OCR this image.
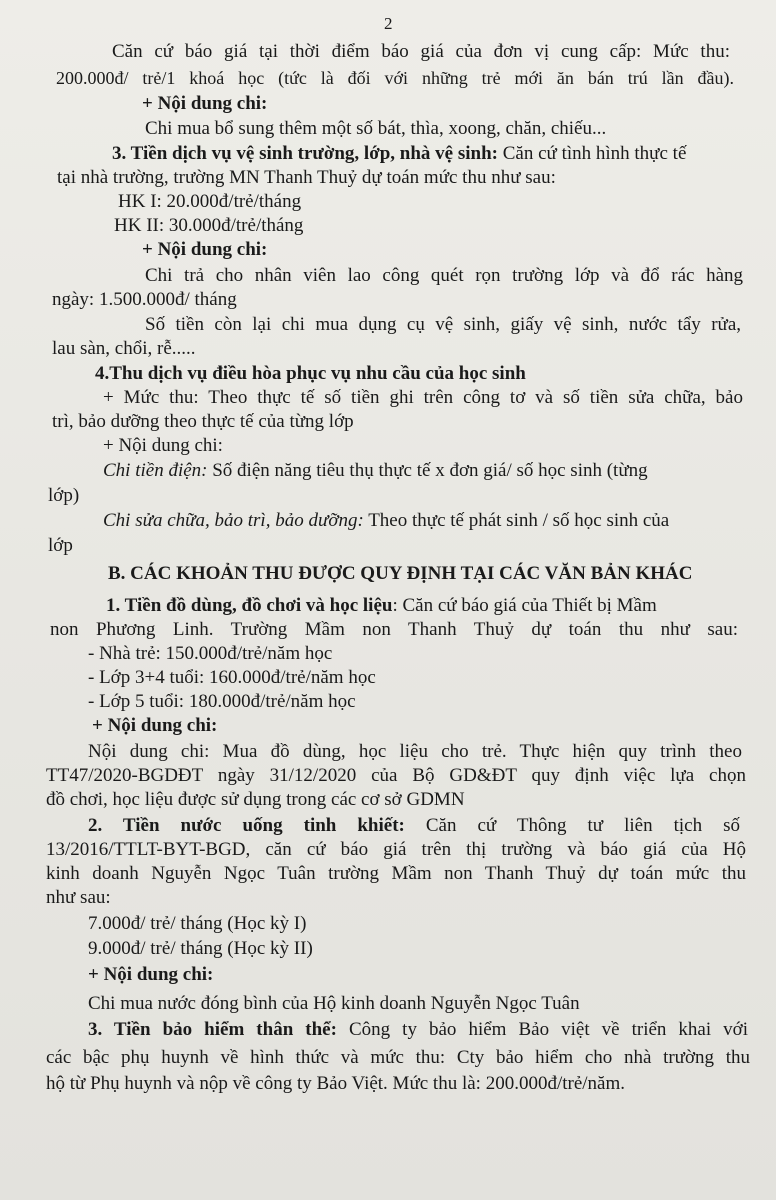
2
Căn cứ báo giá tại thời điểm báo giá của đơn vị cung cấp: Mức thu:
200.000đ/ trẻ/1 khoá học (tức là đối với những trẻ mới ăn bán trú lần đầu).
+ Nội dung chi:
Chi mua bổ sung thêm một số bát, thìa, xoong, chăn, chiếu...
3. Tiền dịch vụ vệ sinh trường, lớp, nhà vệ sinh: Căn cứ tình hình thực tế
tại nhà trường, trường MN Thanh Thuỷ dự toán mức thu như sau:
HK I: 20.000đ/trẻ/tháng
HK II: 30.000đ/trẻ/tháng
+ Nội dung chi:
Chi trả cho nhân viên lao công quét rọn trường lớp và đổ rác hàng
ngày: 1.500.000đ/ tháng
Số tiền còn lại chi mua dụng cụ vệ sinh, giấy vệ sinh, nước tẩy rửa,
lau sàn, chổi, rễ.....
4.Thu dịch vụ điều hòa phục vụ nhu cầu của học sinh
+ Mức thu: Theo thực tế số tiền ghi trên công tơ và số tiền sửa chữa, bảo
trì, bảo dưỡng theo thực tế của từng lớp
+ Nội dung chi:
Chi tiền điện: Số điện năng tiêu thụ thực tế x đơn giá/ số học sinh (từng
lớp)
Chi sửa chữa, bảo trì, bảo dưỡng: Theo thực tế phát sinh / số học sinh của
lớp
B. CÁC KHOẢN THU ĐƯỢC QUY ĐỊNH TẠI CÁC VĂN BẢN KHÁC
1. Tiền đồ dùng, đồ chơi và học liệu: Căn cứ báo giá của Thiết bị Mầm
non Phương Linh. Trường Mầm non Thanh Thuỷ dự toán thu như sau:
- Nhà trẻ: 150.000đ/trẻ/năm học
- Lớp 3+4 tuổi: 160.000đ/trẻ/năm học
- Lớp 5 tuổi: 180.000đ/trẻ/năm học
+ Nội dung chi:
Nội dung chi: Mua đồ dùng, học liệu cho trẻ. Thực hiện quy trình theo
TT47/2020-BGDĐT ngày 31/12/2020 của Bộ GD&ĐT quy định việc lựa chọn
đồ chơi, học liệu được sử dụng trong các cơ sở GDMN
2. Tiền nước uống tinh khiết: Căn cứ Thông tư liên tịch số
13/2016/TTLT-BYT-BGD, căn cứ báo giá trên thị trường và báo giá của Hộ
kinh doanh Nguyễn Ngọc Tuân trường Mầm non Thanh Thuỷ dự toán mức thu
như sau:
7.000đ/ trẻ/ tháng (Học kỳ I)
9.000đ/ trẻ/ tháng (Học kỳ II)
+ Nội dung chi:
Chi mua nước đóng bình của Hộ kinh doanh Nguyễn Ngọc Tuân
3. Tiền bảo hiểm thân thể: Công ty bảo hiểm Bảo việt về triển khai với
các bậc phụ huynh về hình thức và mức thu: Cty bảo hiểm cho nhà trường thu
hộ từ Phụ huynh và nộp về công ty Bảo Việt. Mức thu là: 200.000đ/trẻ/năm.
